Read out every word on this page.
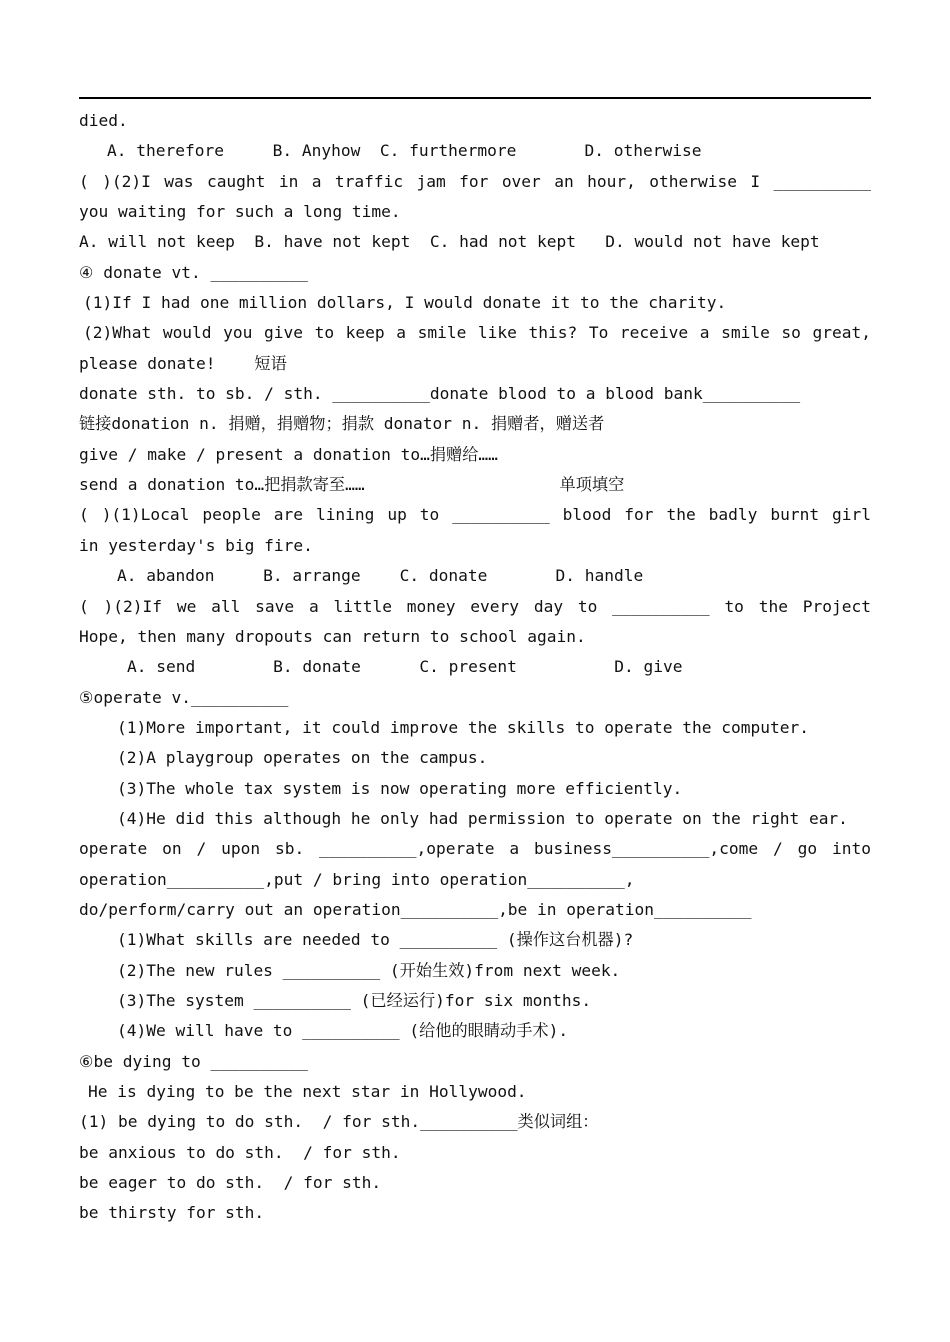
died.
A. therefore     B. Anyhow  C. furthermore       D. otherwise
( )(2)I was caught in a traffic jam for over an hour, otherwise I __________
you waiting for such a long time.
A. will not keep  B. have not kept  C. had not kept   D. would not have kept
④ donate vt. __________
(1)If I had one million dollars, I would donate it to the charity.
(2)What would you give to keep a smile like this? To receive a smile so great,
please donate!    短语
donate sth. to sb. / sth. __________donate blood to a blood bank__________
链接donation n. 捐赠，捐赠物；捐款 donator n. 捐赠者，赠送者
give / make / present a donation to…捐赠给……
send a donation to…把捐款寄至……                    单项填空
( )(1)Local people are lining up to __________ blood for the badly burnt girl
in yesterday's big fire.
A. abandon     B. arrange    C. donate       D. handle
( )(2)If we all save a little money every day to __________ to the Project
Hope, then many dropouts can return to school again.
A. send        B. donate      C. present          D. give
⑤operate v.__________
(1)More important, it could improve the skills to operate the computer.
(2)A playgroup operates on the campus.
(3)The whole tax system is now operating more efficiently.
(4)He did this although he only had permission to operate on the right ear.
operate on / upon sb. __________,operate a business__________,come / go into
operation__________,put / bring into operation__________,
do/perform/carry out an operation__________,be in operation__________
(1)What skills are needed to __________ (操作这台机器)?
(2)The new rules __________ (开始生效)from next week.
(3)The system __________ (已经运行)for six months.
(4)We will have to __________ (给他的眼睛动手术).
⑥be dying to __________
He is dying to be the next star in Hollywood.
(1) be dying to do sth.  / for sth.__________类似词组：
be anxious to do sth.  / for sth.
be eager to do sth.  / for sth.
be thirsty for sth.
